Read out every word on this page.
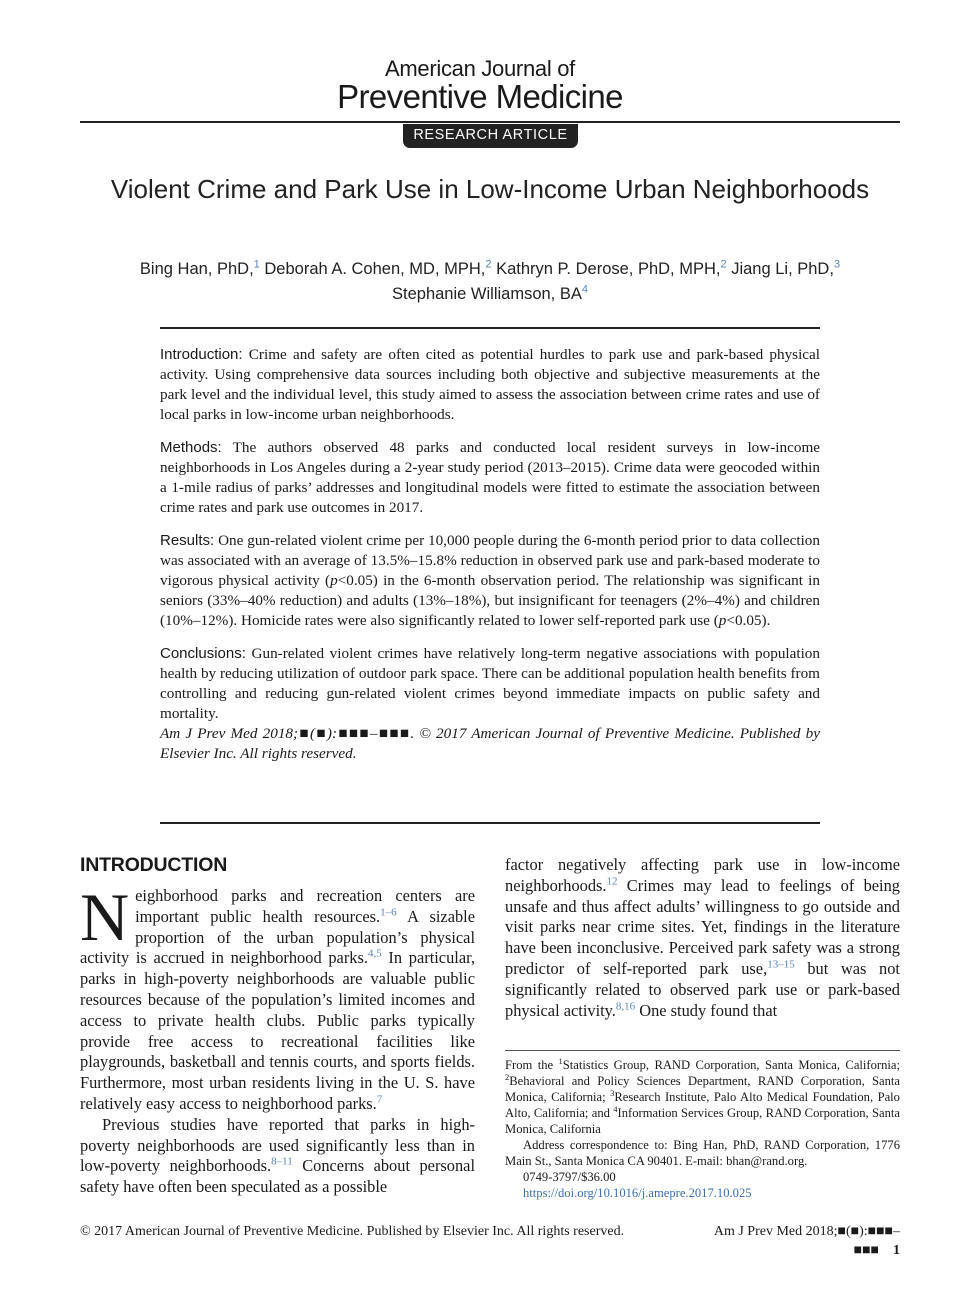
American Journal of
Preventive Medicine
RESEARCH ARTICLE
Violent Crime and Park Use in Low-Income Urban Neighborhoods
Bing Han, PhD,$^1$ Deborah A. Cohen, MD, MPH,$^2$ Kathryn P. Derose, PhD, MPH,$^2$ Jiang Li, PhD,$^3$
Stephanie Williamson, $BA^4$

Introduction: Crime and safety are often cited as potential hurdles to park use and park-based physical activity. Using comprehensive data sources including both objective and subjective measurements at the park level and the individual level, this study aimed to assess the association between crime rates and use of local parks in low-income urban neighborhoods.

Methods: The authors observed 48 parks and conducted local resident surveys in low-income neighborhoods in Los Angeles during a 2-year study period (2013–2015). Crime data were geocoded within a 1-mile radius of parks’ addresses and longitudinal models were fitted to estimate the association between crime rates and park use outcomes in 2017.

Results: One gun-related violent crime per 10,000 people during the 6-month period prior to data collection was associated with an average of 13.5%–15.8% reduction in observed park use and park-based moderate to vigorous physical activity (p<0.05) in the 6-month observation period. The relationship was significant in seniors (33%–40% reduction) and adults (13%–18%), but insignificant for teenagers (2%–4%) and children (10%–12%). Homicide rates were also significantly related to lower self-reported park use (p<0.05).

Conclusions: Gun-related violent crimes have relatively long-term negative associations with population health by reducing utilization of outdoor park space. There can be additional population health benefits from controlling and reducing gun-related violent crimes beyond immediate impacts on public safety and mortality.

Am J Prev Med 2018;■(■):■■■–■■■. © 2017 American Journal of Preventive Medicine. Published by Elsevier Inc. All rights reserved.

INTRODUCTION

Neighborhood parks and recreation centers are important public health resources.$^{1-6}$ A sizable proportion of the urban population’s physical activity is accrued in neighborhood parks.$^{4,5}$ In particular, parks in high-poverty neighborhoods are valuable public resources because of the population’s limited incomes and access to private health clubs. Public parks typically provide free access to recreational facilities like playgrounds, basketball and tennis courts, and sports fields. Furthermore, most urban residents living in the U. S. have relatively easy access to neighborhood parks.$^7$

Previous studies have reported that parks in high-poverty neighborhoods are used significantly less than in low-poverty neighborhoods.$^{8-11}$ Concerns about personal safety have often been speculated as a possible

factor negatively affecting park use in low-income neighborhoods.$^{12}$ Crimes may lead to feelings of being unsafe and thus affect adults’ willingness to go outside and visit parks near crime sites. Yet, findings in the literature have been inconclusive. Perceived park safety was a strong predictor of self-reported park use,$^{13-15}$ but was not significantly related to observed park use or park-based physical activity.$^{8,16}$ One study found that

From the $^1$Statistics Group, RAND Corporation, Santa Monica, California; $^2$Behavioral and Policy Sciences Department, RAND Corporation, Santa Monica, California; $^3$Research Institute, Palo Alto Medical Foundation, Palo Alto, California; and $^4$Information Services Group, RAND Corporation, Santa Monica, California

Address correspondence to: Bing Han, PhD, RAND Corporation, 1776 Main St., Santa Monica CA 90401. E-mail: bhan@rand.org.

0749-3797/$36.00

https://doi.org/10.1016/j.amepre.2017.10.025

© 2017 American Journal of Preventive Medicine. Published by Elsevier Inc. All rights reserved.	Am J Prev Med 2018;■(■):■■■–■■■ 1
